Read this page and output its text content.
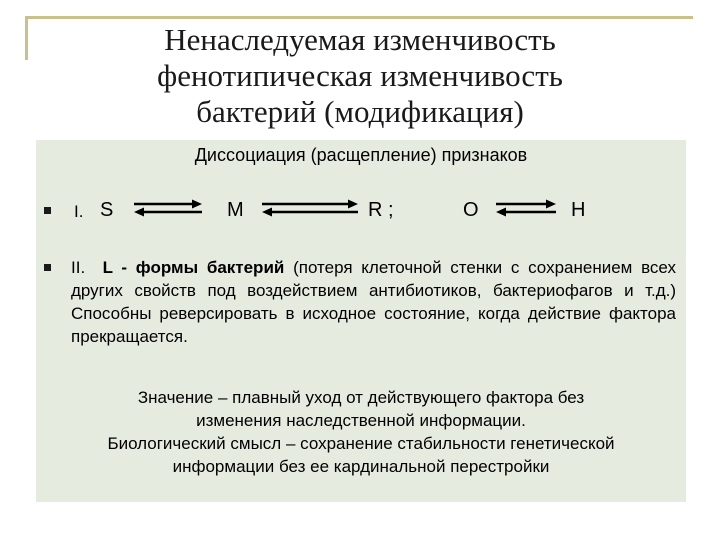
Ненаследуемая изменчивость
фенотипическая изменчивость
бактерий (модификация)
Диссоциация (расщепление) признаков
I. S	M	R ;	O	H
II. L - формы бактерий (потеря клеточной стенки с сохранением всех других свойств под воздействием антибиотиков, бактериофагов и т.д.) Способны реверсировать в исходное состояние, когда действие фактора прекращается.
Значение – плавный уход от действующего фактора без
изменения наследственной информации.
Биологический смысл – сохранение стабильности генетической
информации без ее кардинальной перестройки
